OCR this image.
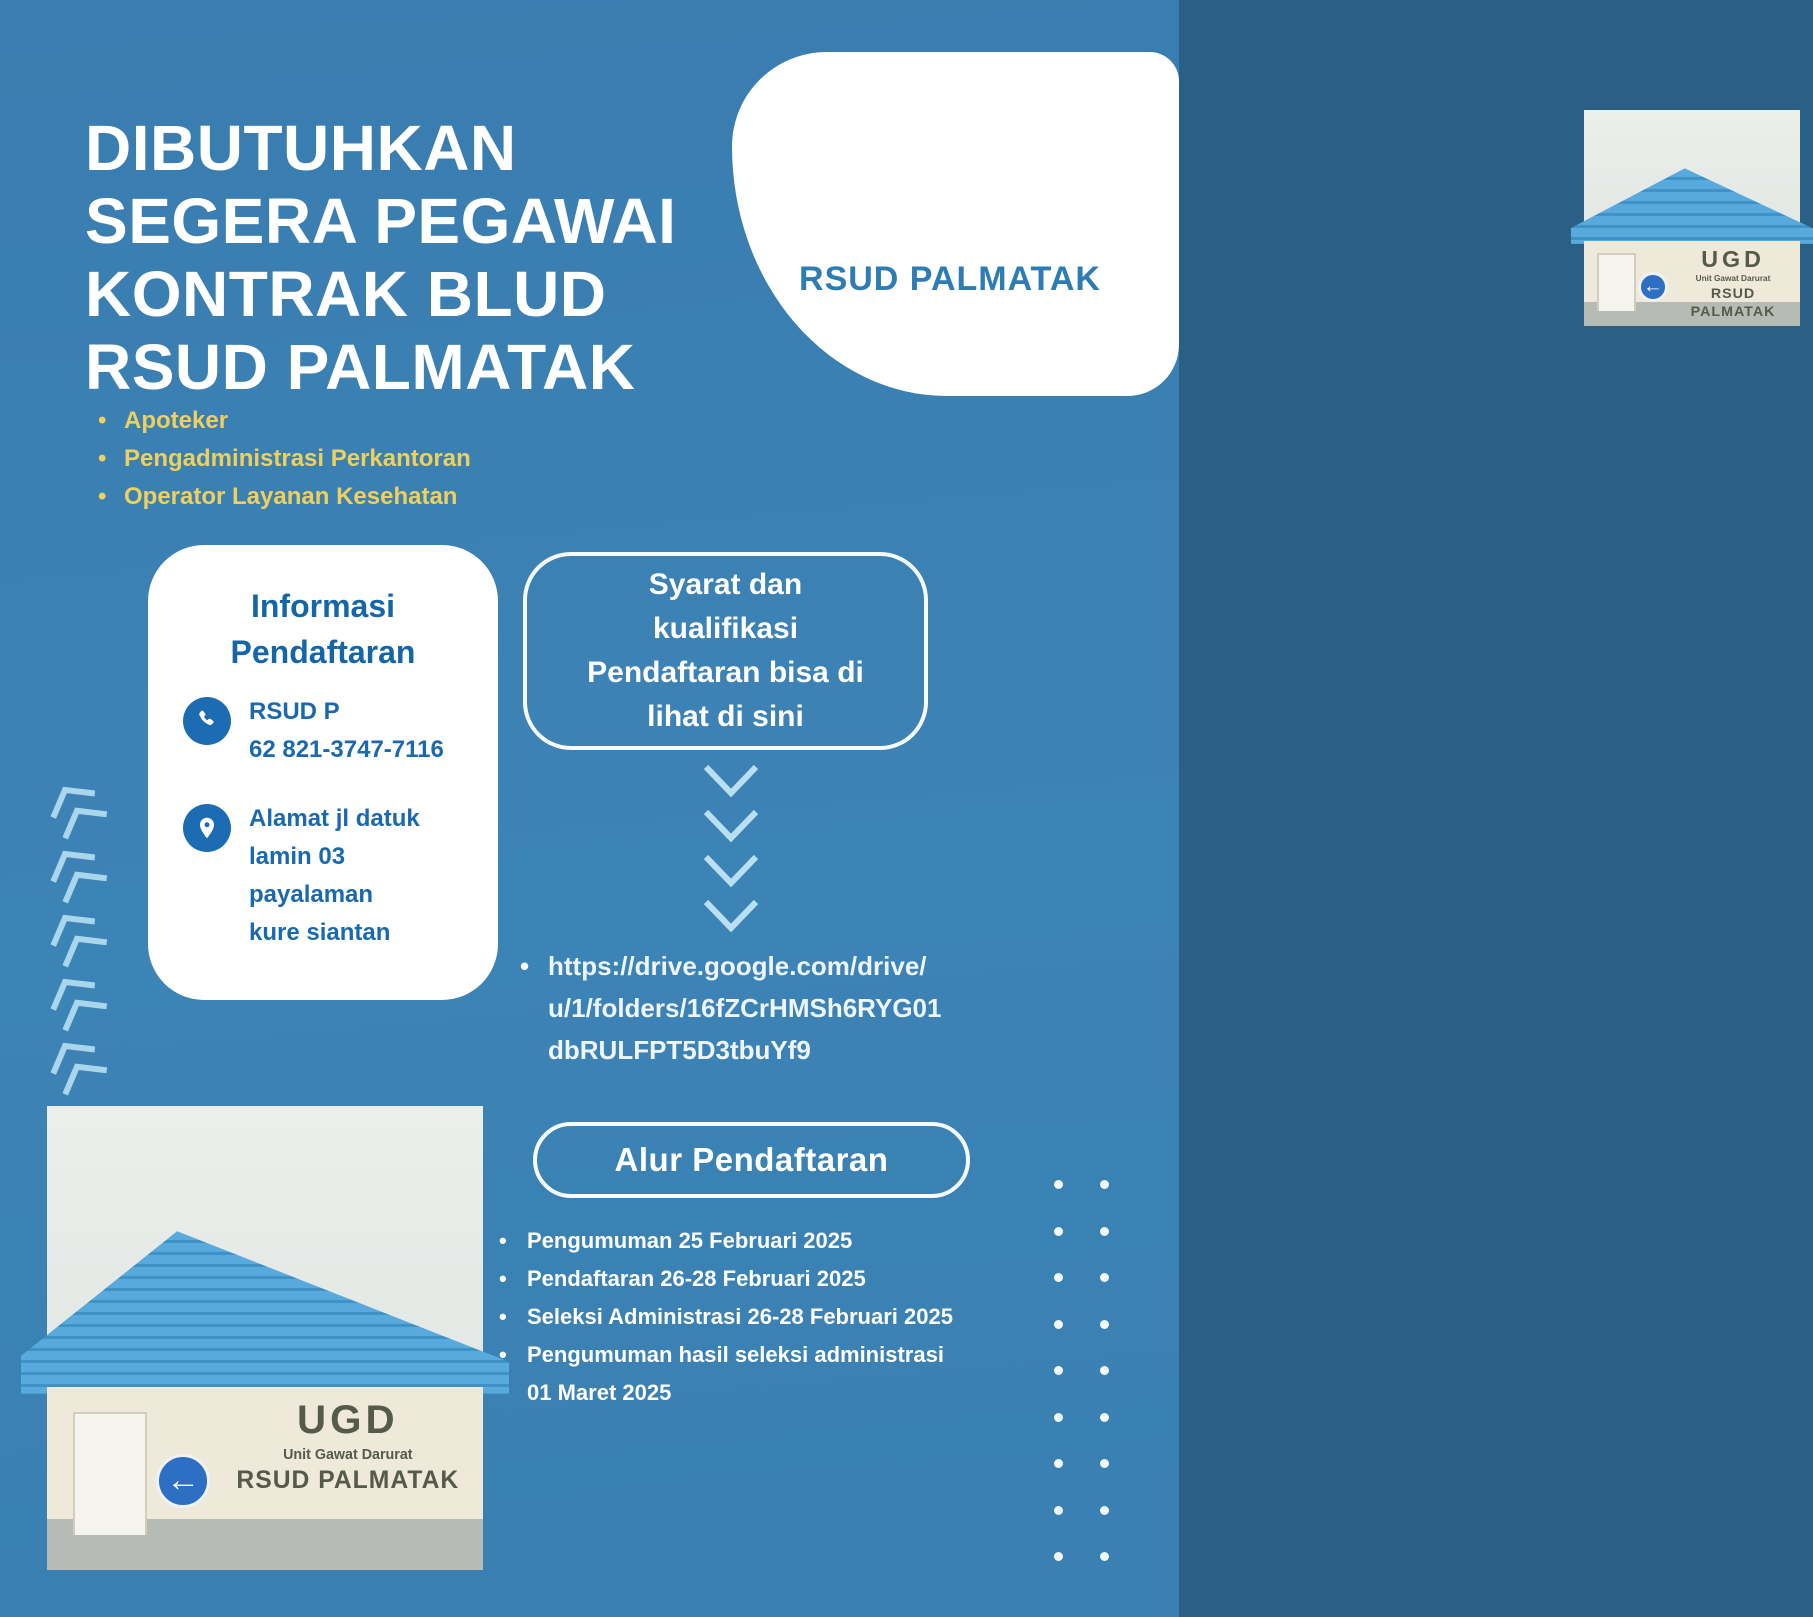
DIBUTUHKAN
SEGERA PEGAWAI
KONTRAK BLUD
RSUD PALMATAK
• Apoteker
• Pengadministrasi Perkantoran
• Operator Layanan Kesehatan
←
UGD
Unit Gawat Darurat
RSUD PALMATAK
RSUD PALMATAK
Informasi
Pendaftaran
RSUD P
62 821-3747-7116
Alamat jl datuk
lamin 03
payalaman
kure siantan
Syarat dan
kualifikasi
Pendaftaran bisa di
lihat di sini
• https://drive.google.com/drive/
u/1/folders/16fZCrHMSh6RYG01
dbRULFPT5D3tbuYf9
Alur Pendaftaran
• Pengumuman 25 Februari 2025
• Pendaftaran 26-28 Februari 2025
• Seleksi Administrasi 26-28 Februari 2025
• Pengumuman hasil seleksi administrasi 01 Maret 2025
←
UGD
Unit Gawat Darurat
RSUD PALMATAK
